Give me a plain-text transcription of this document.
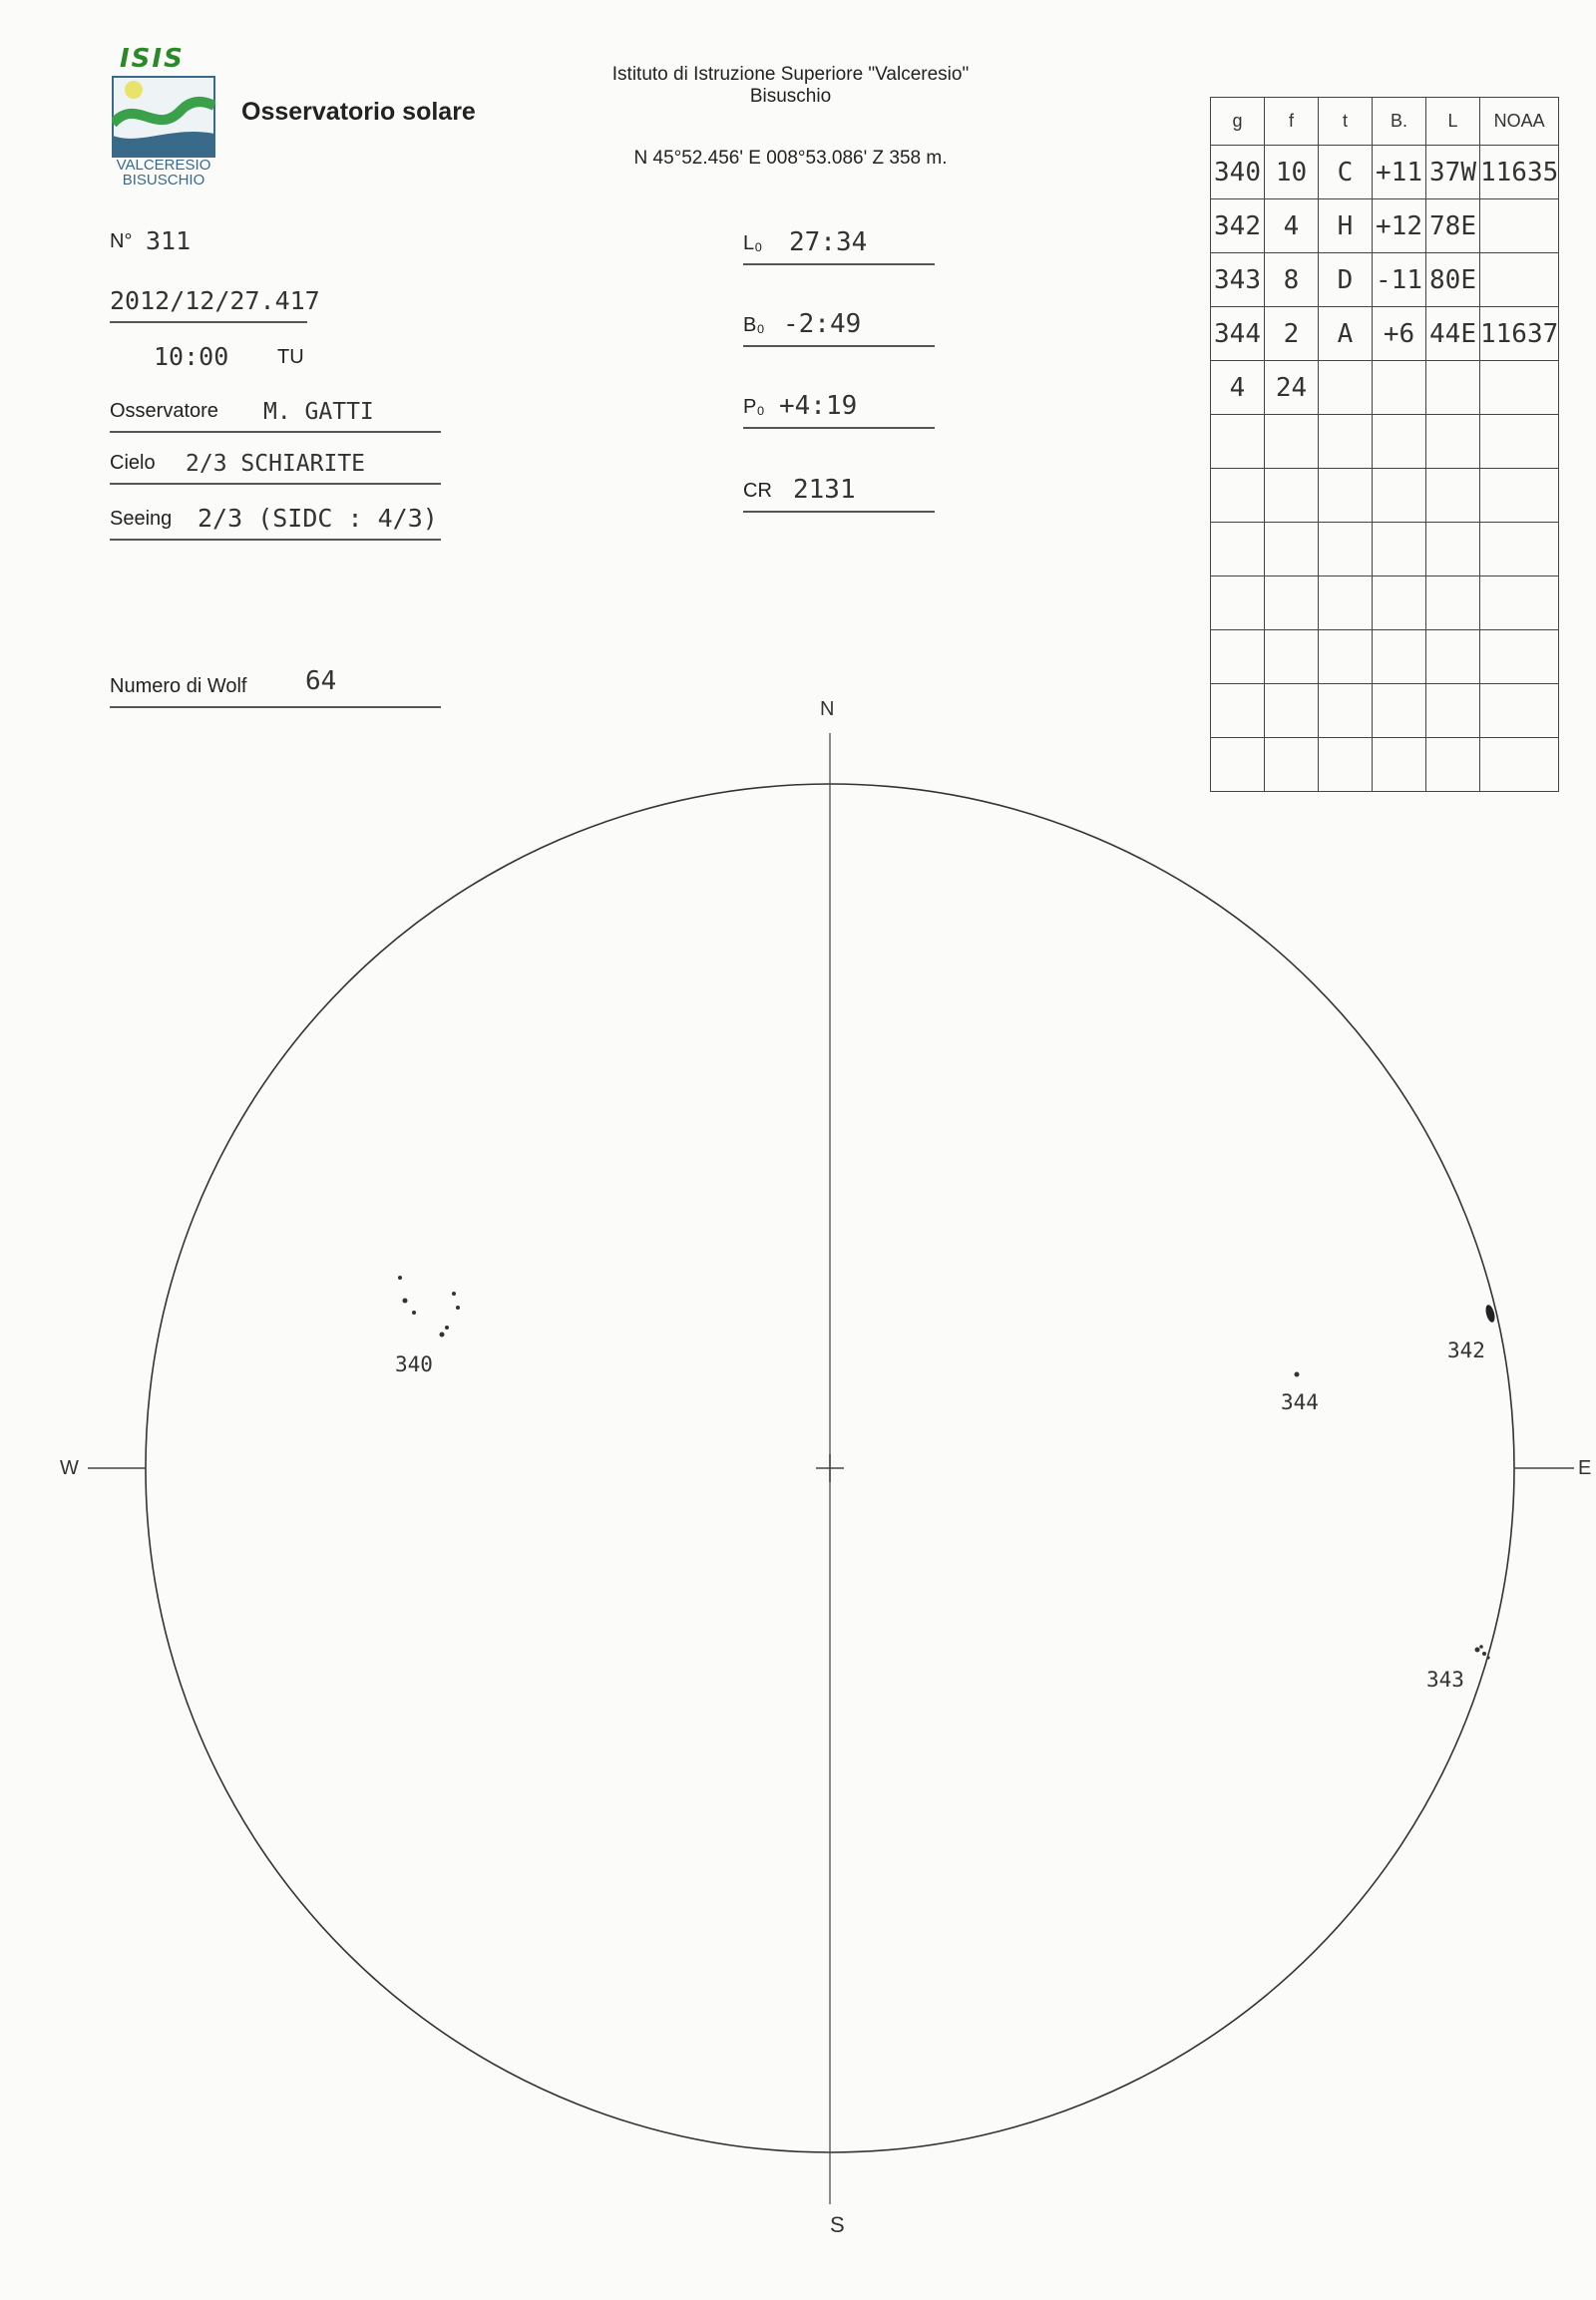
ISIS
VALCERESIO
BISUSCHIO
Osservatorio solare
Istituto di Istruzione Superiore "Valceresio"
Bisuschio
N 45°52.456' E 008°53.086' Z 358 m.
N° 311
2012/12/27.417
10:00 TU
Osservatore M. GATTI
Cielo 2/3 SCHIARITE
Seeing 2/3 (SIDC : 4/3)
Numero di Wolf 64
L₀ 27:34
B₀ -2:49
P₀ +4:19
CR 2131
g	f	t	B.	L	NOAA
340	10	C	+11	37W	11635
342	4	H	+12	78E	
343	8	D	-11	80E	
344	2	A	+6	44E	11637
4	24				

N
S
W	E
340
342
343
344
